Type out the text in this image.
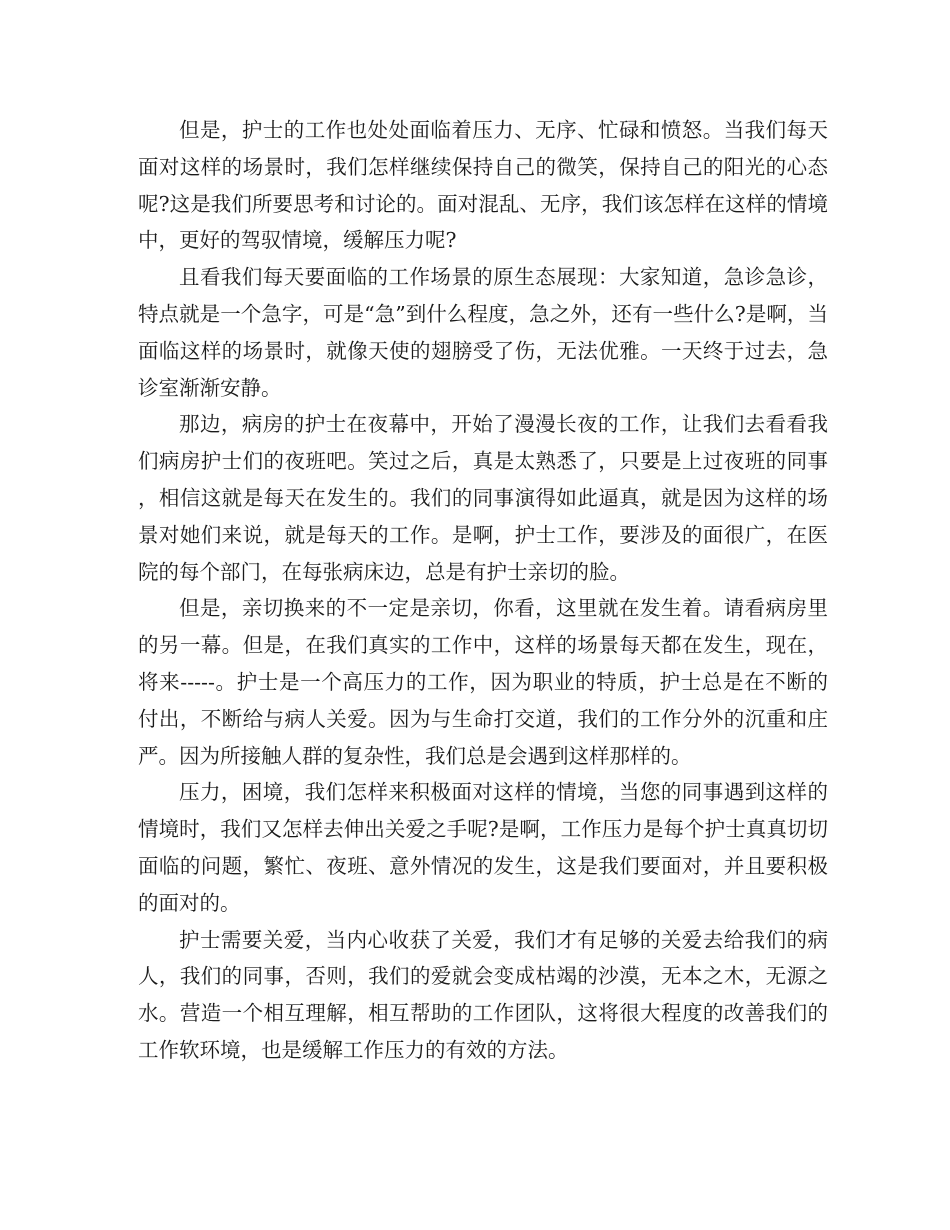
但是，护士的工作也处处面临着压力、无序、忙碌和愤怒。当我们每天面对这样的场景时，我们怎样继续保持自己的微笑，保持自己的阳光的心态呢?这是我们所要思考和讨论的。面对混乱、无序，我们该怎样在这样的情境中，更好的驾驭情境，缓解压力呢?

且看我们每天要面临的工作场景的原生态展现：大家知道，急诊急诊，特点就是一个急字，可是“急”到什么程度，急之外，还有一些什么?是啊，当面临这样的场景时，就像天使的翅膀受了伤，无法优雅。一天终于过去，急诊室渐渐安静。

那边，病房的护士在夜幕中，开始了漫漫长夜的工作，让我们去看看我们病房护士们的夜班吧。笑过之后，真是太熟悉了，只要是上过夜班的同事，相信这就是每天在发生的。我们的同事演得如此逼真，就是因为这样的场景对她们来说，就是每天的工作。是啊，护士工作，要涉及的面很广，在医院的每个部门，在每张病床边，总是有护士亲切的脸。

但是，亲切换来的不一定是亲切，你看，这里就在发生着。请看病房里的另一幕。但是，在我们真实的工作中，这样的场景每天都在发生，现在，将来-----。护士是一个高压力的工作，因为职业的特质，护士总是在不断的付出，不断给与病人关爱。因为与生命打交道，我们的工作分外的沉重和庄严。因为所接触人群的复杂性，我们总是会遇到这样那样的。

压力，困境，我们怎样来积极面对这样的情境，当您的同事遇到这样的情境时，我们又怎样去伸出关爱之手呢?是啊，工作压力是每个护士真真切切面临的问题，繁忙、夜班、意外情况的发生，这是我们要面对，并且要积极的面对的。

护士需要关爱，当内心收获了关爱，我们才有足够的关爱去给我们的病人，我们的同事，否则，我们的爱就会变成枯竭的沙漠，无本之木，无源之水。营造一个相互理解，相互帮助的工作团队，这将很大程度的改善我们的工作软环境，也是缓解工作压力的有效的方法。
